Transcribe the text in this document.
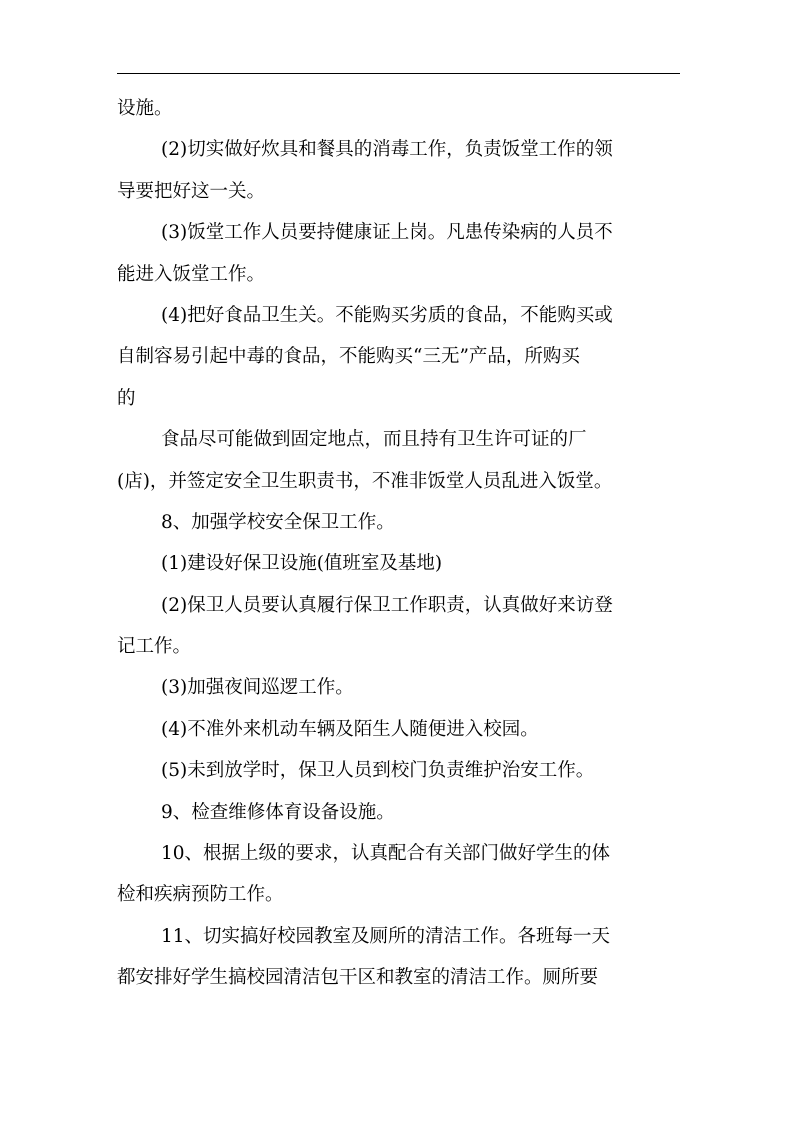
设施。
(2)切实做好炊具和餐具的消毒工作，负责饭堂工作的领
导要把好这一关。
(3)饭堂工作人员要持健康证上岗。凡患传染病的人员不
能进入饭堂工作。
(4)把好食品卫生关。不能购买劣质的食品，不能购买或
自制容易引起中毒的食品，不能购买“三无”产品，所购买
的
食品尽可能做到固定地点，而且持有卫生许可证的厂
(店)，并签定安全卫生职责书，不准非饭堂人员乱进入饭堂。
8、加强学校安全保卫工作。
(1)建设好保卫设施(值班室及基地)
(2)保卫人员要认真履行保卫工作职责，认真做好来访登
记工作。
(3)加强夜间巡逻工作。
(4)不准外来机动车辆及陌生人随便进入校园。
(5)未到放学时，保卫人员到校门负责维护治安工作。
9、检查维修体育设备设施。
10、根据上级的要求，认真配合有关部门做好学生的体
检和疾病预防工作。
11、切实搞好校园教室及厕所的清洁工作。各班每一天
都安排好学生搞校园清洁包干区和教室的清洁工作。厕所要
